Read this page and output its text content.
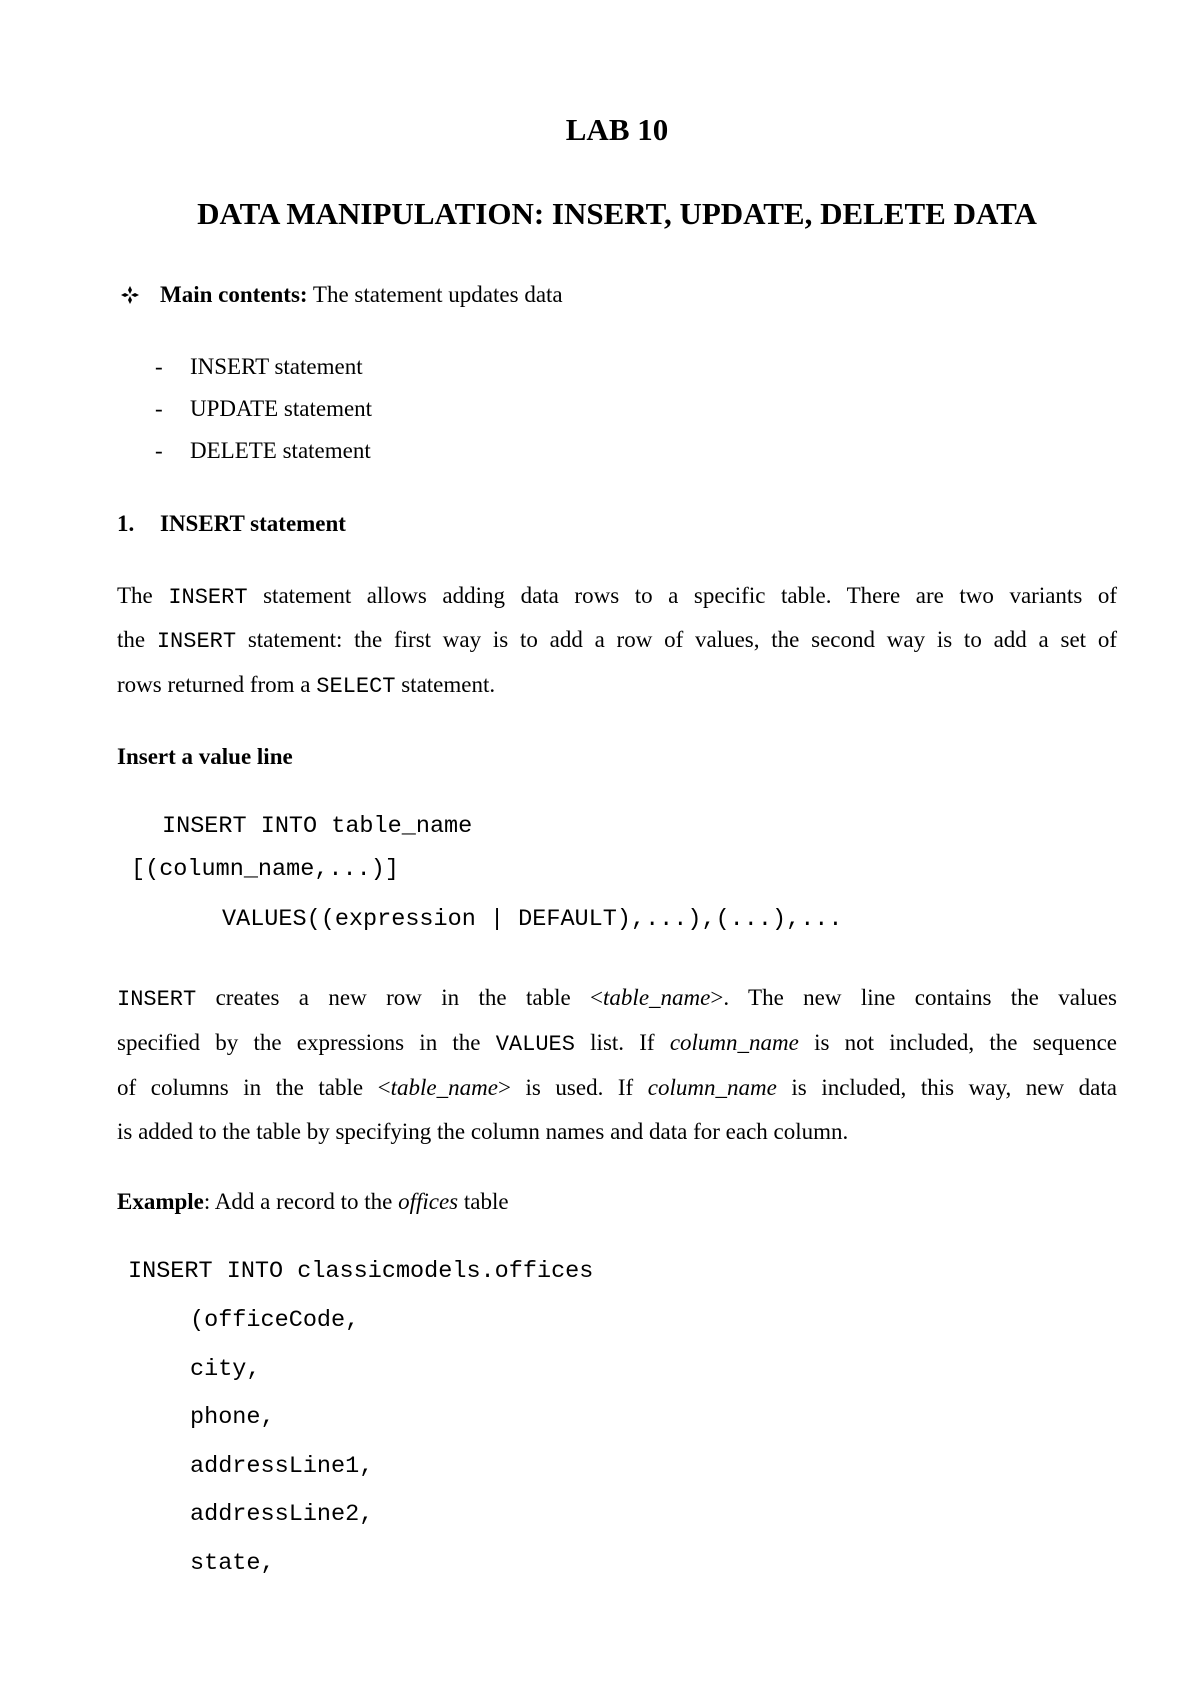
LAB 10
DATA MANIPULATION: INSERT, UPDATE, DELETE DATA
Main contents: The statement updates data
- INSERT statement
- UPDATE statement
- DELETE statement
1. INSERT statement
The INSERT statement allows adding data rows to a specific table. There are two variants of
the INSERT statement: the first way is to add a row of values, the second way is to add a set of
rows returned from a SELECT statement.
Insert a value line
INSERT INTO table_name
[(column_name,...)]
VALUES((expression | DEFAULT),...),(...),...
INSERT creates a new row in the table <table_name>. The new line contains the values
specified by the expressions in the VALUES list. If column_name is not included, the sequence
of columns in the table <table_name> is used. If column_name is included, this way, new data
is added to the table by specifying the column names and data for each column.
Example: Add a record to the offices table
INSERT INTO classicmodels.offices
(officeCode,
city,
phone,
addressLine1,
addressLine2,
state,
